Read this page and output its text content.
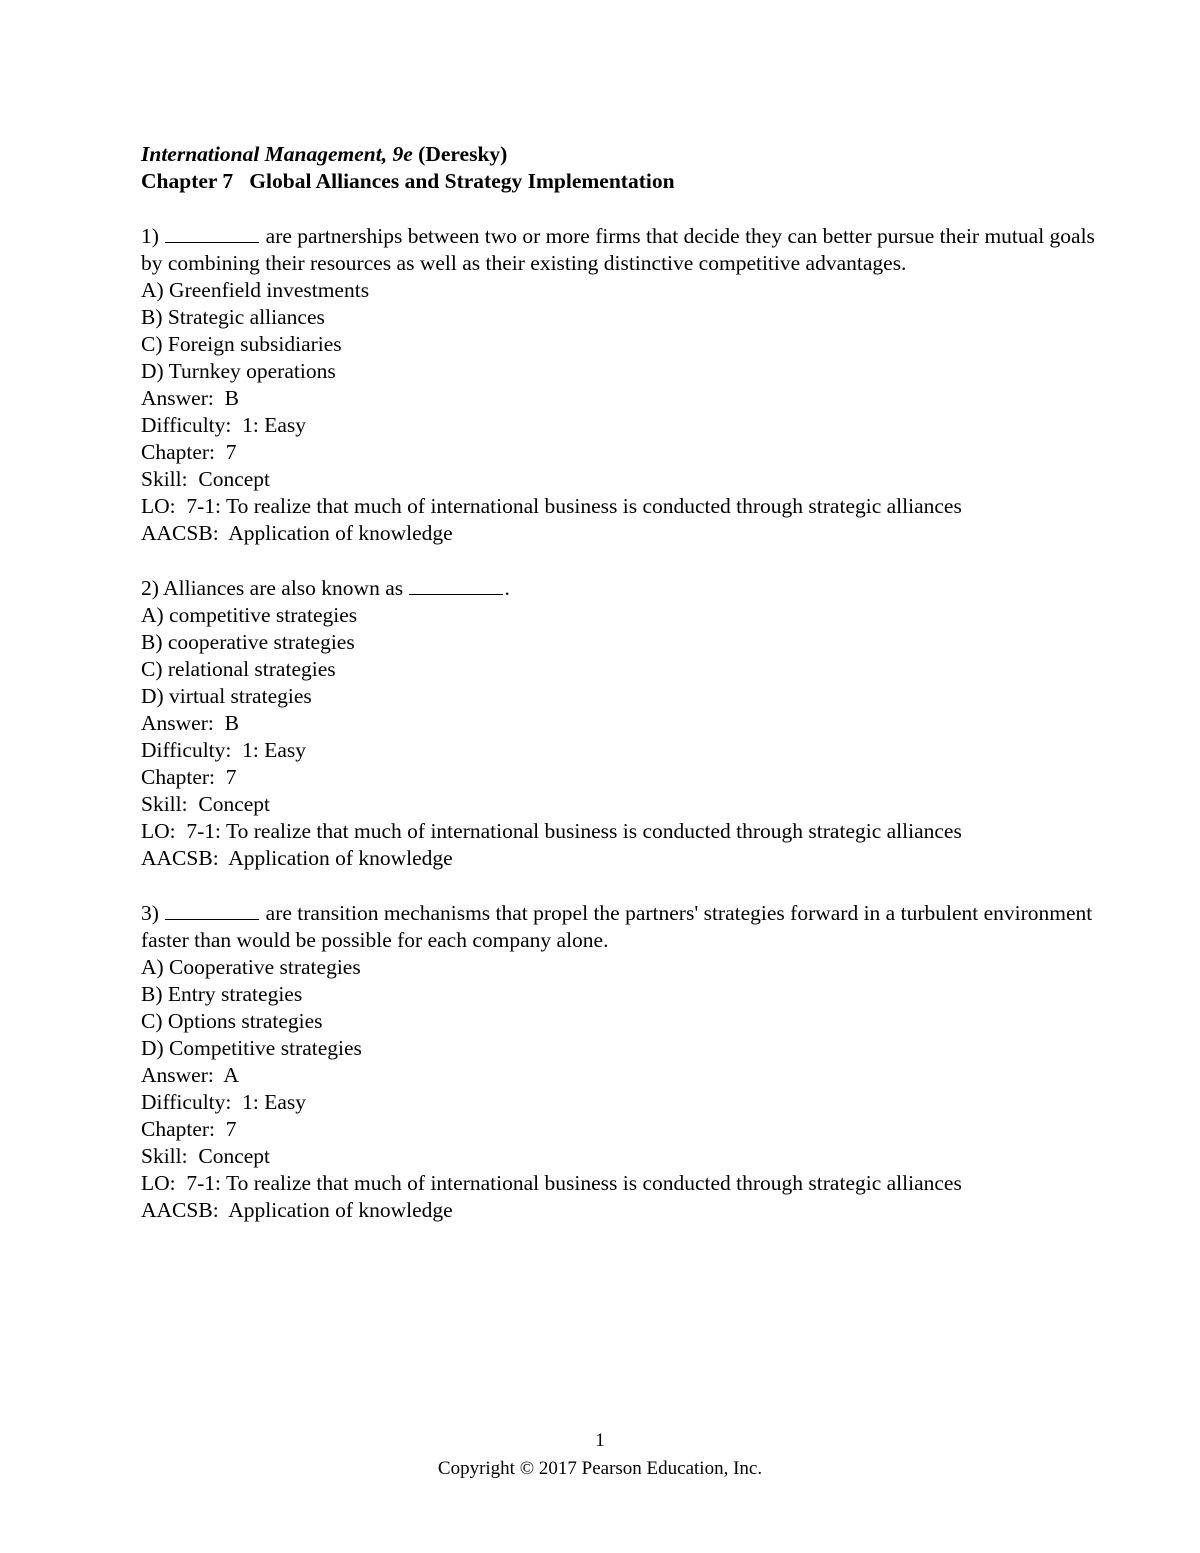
International Management, 9e (Deresky)

Chapter 7   Global Alliances and Strategy Implementation

1)	are partnerships between two or more firms that decide they can better pursue their mutual goals by combining their resources as well as their existing distinctive competitive advantages.

A) Greenfield investments

B) Strategic alliances

C) Foreign subsidiaries

D) Turnkey operations

Answer:  B

Difficulty:  1: Easy

Chapter:  7

Skill:  Concept

LO:  7-1: To realize that much of international business is conducted through strategic alliances

AACSB:  Application of knowledge

2) Alliances are also known as	.

A) competitive strategies

B) cooperative strategies

C) relational strategies

D) virtual strategies

Answer:  B

Difficulty:  1: Easy

Chapter:  7

Skill:  Concept

LO:  7-1: To realize that much of international business is conducted through strategic alliances

AACSB:  Application of knowledge

3)	are transition mechanisms that propel the partners' strategies forward in a turbulent environment faster than would be possible for each company alone.

A) Cooperative strategies

B) Entry strategies

C) Options strategies

D) Competitive strategies

Answer:  A

Difficulty:  1: Easy

Chapter:  7

Skill:  Concept

LO:  7-1: To realize that much of international business is conducted through strategic alliances

AACSB:  Application of knowledge

1
Copyright © 2017 Pearson Education, Inc.
